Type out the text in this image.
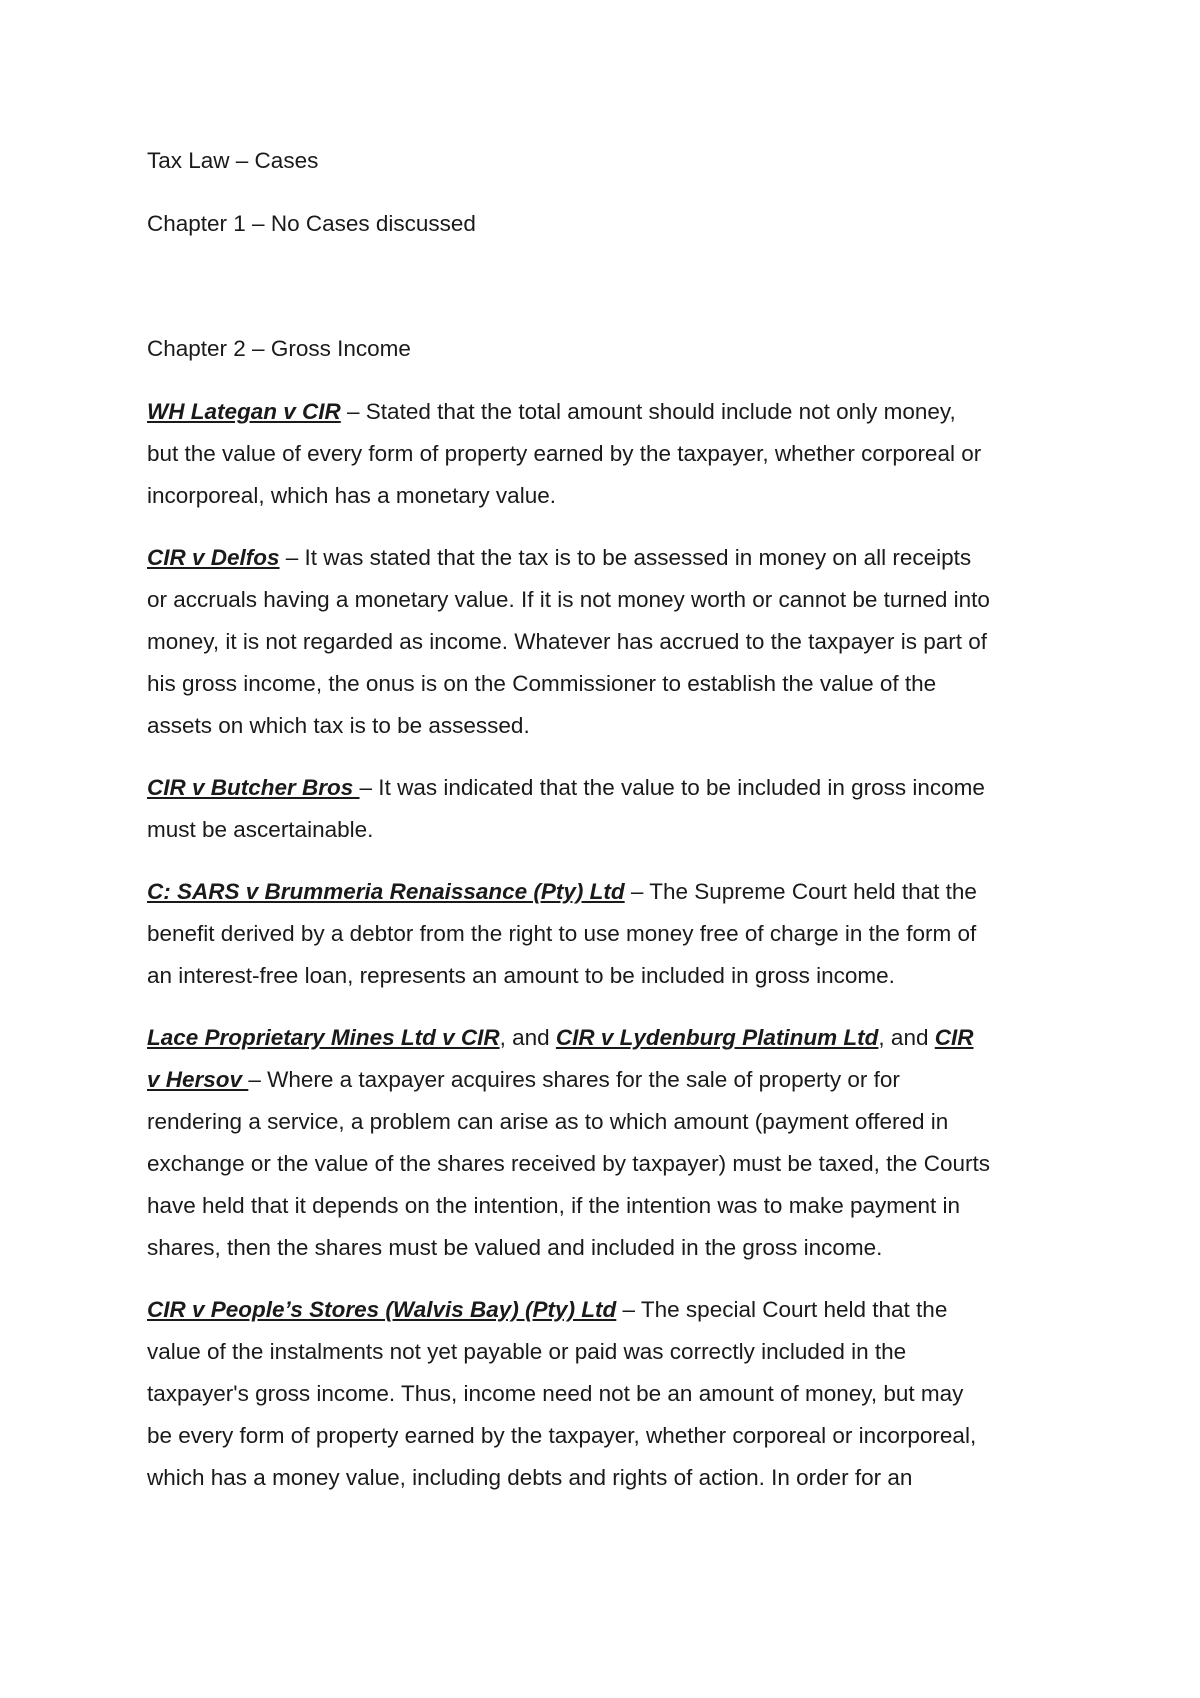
Tax Law – Cases

Chapter 1 – No Cases discussed

Chapter 2 – Gross Income

WH Lategan v CIR – Stated that the total amount should include not only money,

but the value of every form of property earned by the taxpayer, whether corporeal or

incorporeal, which has a monetary value.

CIR v Delfos – It was stated that the tax is to be assessed in money on all receipts

or accruals having a monetary value. If it is not money worth or cannot be turned into

money, it is not regarded as income. Whatever has accrued to the taxpayer is part of

his gross income, the onus is on the Commissioner to establish the value of the

assets on which tax is to be assessed.

CIR v Butcher Bros – It was indicated that the value to be included in gross income

must be ascertainable.

C: SARS v Brummeria Renaissance (Pty) Ltd – The Supreme Court held that the

benefit derived by a debtor from the right to use money free of charge in the form of

an interest-free loan, represents an amount to be included in gross income.

Lace Proprietary Mines Ltd v CIR, and CIR v Lydenburg Platinum Ltd, and CIR

v Hersov – Where a taxpayer acquires shares for the sale of property or for

rendering a service, a problem can arise as to which amount (payment offered in

exchange or the value of the shares received by taxpayer) must be taxed, the Courts

have held that it depends on the intention, if the intention was to make payment in

shares, then the shares must be valued and included in the gross income.

CIR v People’s Stores (Walvis Bay) (Pty) Ltd – The special Court held that the

value of the instalments not yet payable or paid was correctly included in the

taxpayer's gross income. Thus, income need not be an amount of money, but may

be every form of property earned by the taxpayer, whether corporeal or incorporeal,

which has a money value, including debts and rights of action. In order for an
